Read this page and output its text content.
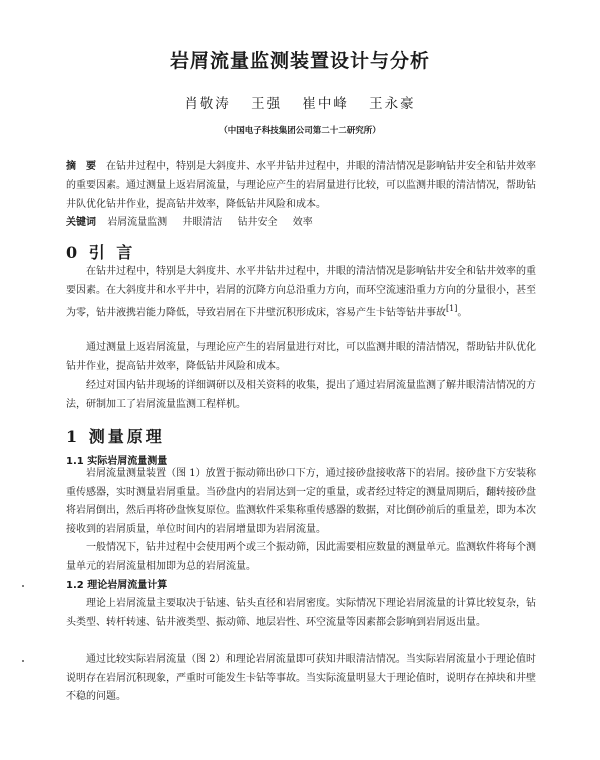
岩屑流量监测装置设计与分析
肖敬涛 王强 崔中峰 王永豪
（中国电子科技集团公司第二十二研究所）
摘　要 在钻井过程中，特别是大斜度井、水平井钻井过程中，井眼的清洁情况是影响钻井安全和钻井效率的重要因素。通过测量上返岩屑流量，与理论应产生的岩屑量进行比较，可以监测井眼的清洁情况，帮助钻井队优化钻井作业，提高钻井效率，降低钻井风险和成本。
关键词 岩屑流量监测 井眼清洁 钻井安全 效率
0 引 言
在钻井过程中，特别是大斜度井、水平井钻井过程中，井眼的清洁情况是影响钻井安全和钻井效率的重要因素。在大斜度井和水平井中，岩屑的沉降方向总沿重力方向，而环空流速沿重力方向的分量很小，甚至为零，钻井液携岩能力降低，导致岩屑在下井壁沉积形成床，容易产生卡钻等钻井事故[1]。
通过测量上返岩屑流量，与理论应产生的岩屑量进行对比，可以监测井眼的清洁情况，帮助钻井队优化钻井作业，提高钻井效率，降低钻井风险和成本。
经过对国内钻井现场的详细调研以及相关资料的收集，提出了通过岩屑流量监测了解井眼清洁情况的方法，研制加工了岩屑流量监测工程样机。
1 测量原理
1.1 实际岩屑流量测量
岩屑流量测量装置（图 1）放置于振动筛出砂口下方，通过接砂盘接收落下的岩屑。接砂盘下方安装称重传感器，实时测量岩屑重量。当砂盘内的岩屑达到一定的重量，或者经过特定的测量周期后，翻转接砂盘将岩屑倒出，然后再将砂盘恢复原位。监测软件采集称重传感器的数据，对比倒砂前后的重量差，即为本次接收到的岩屑质量，单位时间内的岩屑增量即为岩屑流量。
一般情况下，钻井过程中会使用两个或三个振动筛，因此需要相应数量的测量单元。监测软件将每个测量单元的岩屑流量相加即为总的岩屑流量。
1.2 理论岩屑流量计算
理论上岩屑流量主要取决于钻速、钻头直径和岩屑密度。实际情况下理论岩屑流量的计算比较复杂，钻头类型、转杆转速、钻井液类型、振动筛、地层岩性、环空流量等因素都会影响到岩屑返出量。
通过比较实际岩屑流量（图 2）和理论岩屑流量即可获知井眼清洁情况。当实际岩屑流量小于理论值时说明存在岩屑沉积现象，严重时可能发生卡钻等事故。当实际流量明显大于理论值时，说明存在掉块和井壁不稳的问题。
